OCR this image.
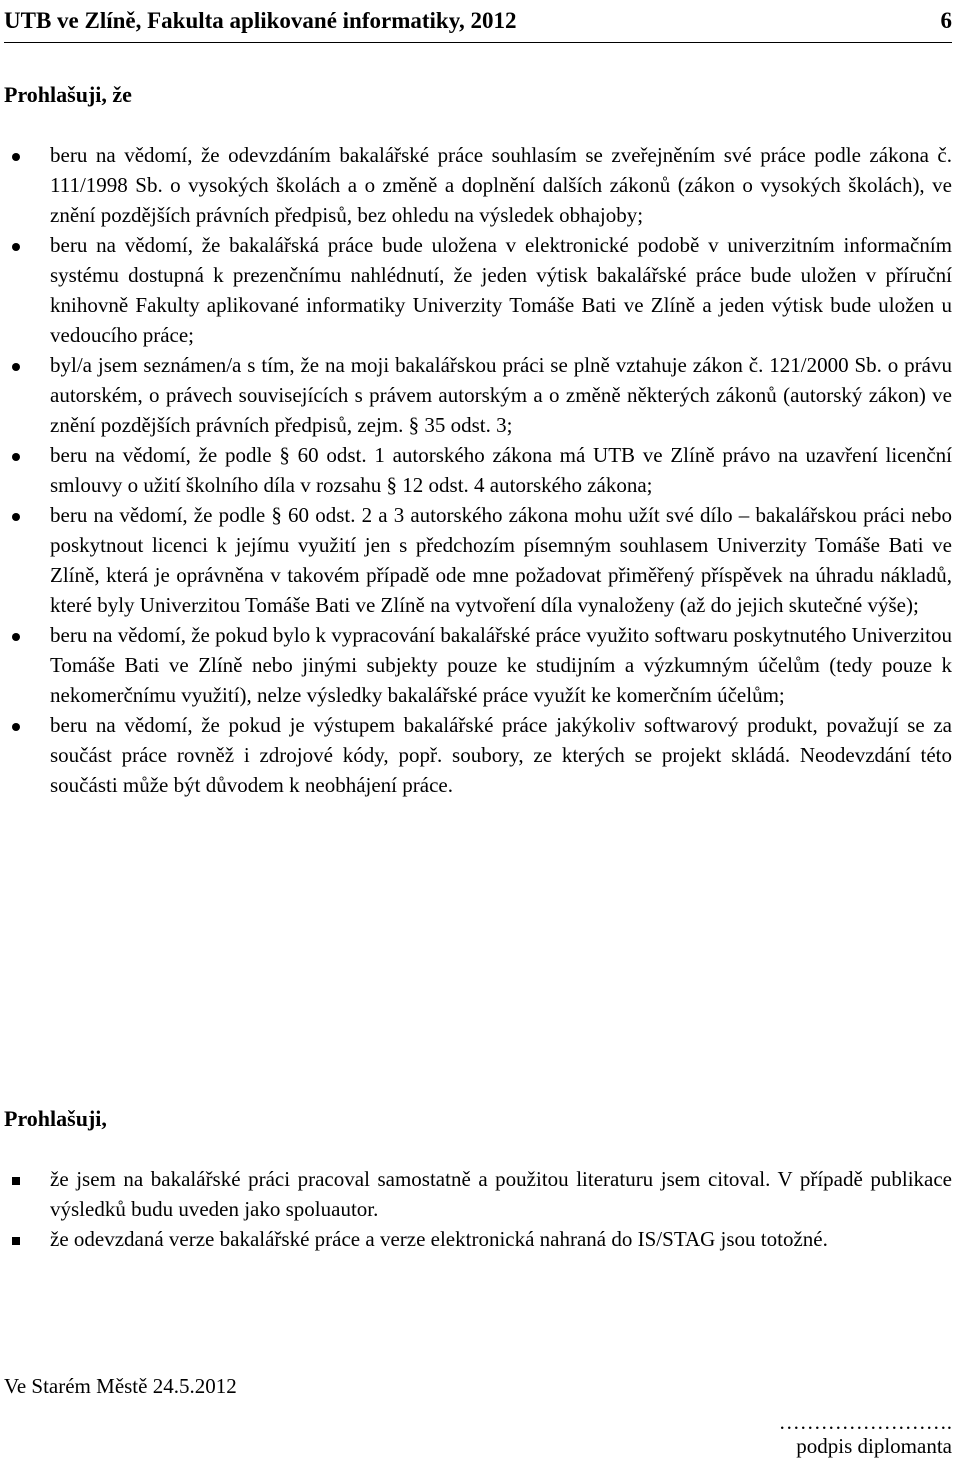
UTB ve Zlíně, Fakulta aplikované informatiky, 2012	6
Prohlašuji, že
beru na vědomí, že odevzdáním bakalářské práce souhlasím se zveřejněním své práce podle zákona č. 111/1998 Sb. o vysokých školách a o změně a doplnění dalších zákonů (zákon o vysokých školách), ve znění pozdějších právních předpisů, bez ohledu na výsledek obhajoby;
beru na vědomí, že bakalářská práce bude uložena v elektronické podobě v univerzitním informačním systému dostupná k prezenčnímu nahlédnutí, že jeden výtisk bakalářské práce bude uložen v příruční knihovně Fakulty aplikované informatiky Univerzity Tomáše Bati ve Zlíně a jeden výtisk bude uložen u vedoucího práce;
byl/a jsem seznámen/a s tím, že na moji bakalářskou práci se plně vztahuje zákon č. 121/2000 Sb. o právu autorském, o právech souvisejících s právem autorským a o změně některých zákonů (autorský zákon) ve znění pozdějších právních předpisů, zejm. § 35 odst. 3;
beru na vědomí, že podle § 60 odst. 1 autorského zákona má UTB ve Zlíně právo na uzavření licenční smlouvy o užití školního díla v rozsahu § 12 odst. 4 autorského zákona;
beru na vědomí, že podle § 60 odst. 2 a 3 autorského zákona mohu užít své dílo – bakalářskou práci nebo poskytnout licenci k jejímu využití jen s předchozím písemným souhlasem Univerzity Tomáše Bati ve Zlíně, která je oprávněna v takovém případě ode mne požadovat přiměřený příspěvek na úhradu nákladů, které byly Univerzitou Tomáše Bati ve Zlíně na vytvoření díla vynaloženy (až do jejich skutečné výše);
beru na vědomí, že pokud bylo k vypracování bakalářské práce využito softwaru poskytnutého Univerzitou Tomáše Bati ve Zlíně nebo jinými subjekty pouze ke studijním a výzkumným účelům (tedy pouze k nekomerčnímu využití), nelze výsledky bakalářské práce využít ke komerčním účelům;
beru na vědomí, že pokud je výstupem bakalářské práce jakýkoliv softwarový produkt, považují se za součást práce rovněž i zdrojové kódy, popř. soubory, ze kterých se projekt skládá. Neodevzdání této součásti může být důvodem k neobhájení práce.
Prohlašuji,
že jsem na bakalářské práci pracoval samostatně a použitou literaturu jsem citoval. V případě publikace výsledků budu uveden jako spoluautor.
že odevzdaná verze bakalářské práce a verze elektronická nahraná do IS/STAG jsou totožné.
Ve Starém Městě 24.5.2012
…………………….
podpis diplomanta
